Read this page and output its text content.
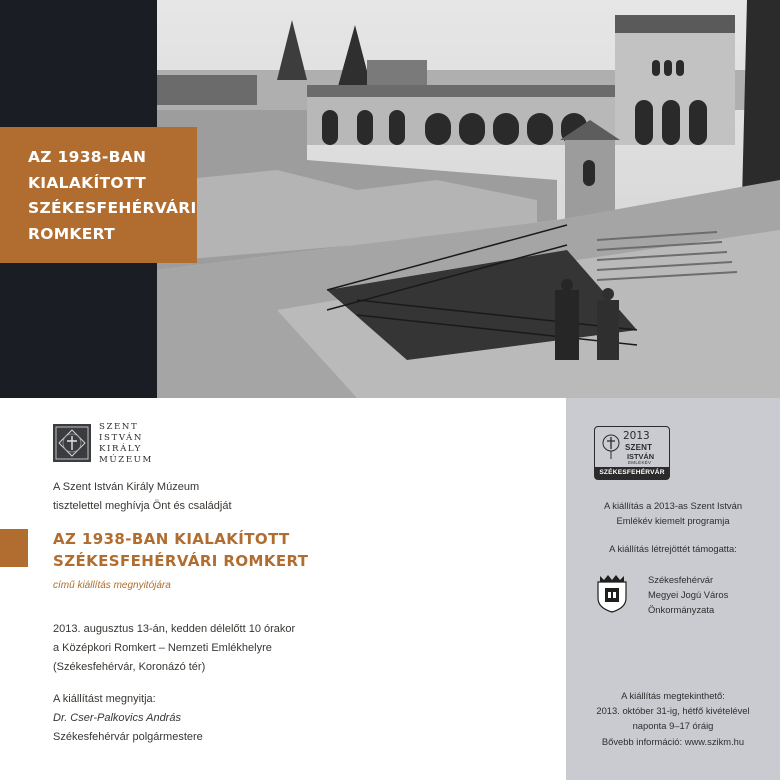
AZ 1938-BAN
KIALAKÍTOTT
SZÉKESFEHÉRVÁRI
ROMKERT
SZENT
ISTVÁN
KIRÁLY
MÚZEUM
A Szent István Király Múzeum
tisztelettel meghívja Önt és családját
AZ 1938-BAN KIALAKÍTOTT
SZÉKESFEHÉRVÁRI ROMKERT
című kiállítás megnyitójára
2013. augusztus 13-án, kedden délelőtt 10 órakor
a Középkori Romkert – Nemzeti Emlékhelyre
(Székesfehérvár, Koronázó tér)
A kiállítást megnyitja:
Dr. Cser-Palkovics András
Székesfehérvár polgármestere
2013
SZENT
ISTVÁN
EMLÉKÉV
SZÉKESFEHÉRVÁR
A kiállítás a 2013-as Szent István
Emlékév kiemelt programja
A kiállítás létrejöttét támogatta:
Székesfehérvár
Megyei Jogú Város
Önkormányzata
A kiállítás megtekinthető:
2013. október 31-ig, hétfő kivételével
naponta 9–17 óráig
Bővebb információ: www.szikm.hu
